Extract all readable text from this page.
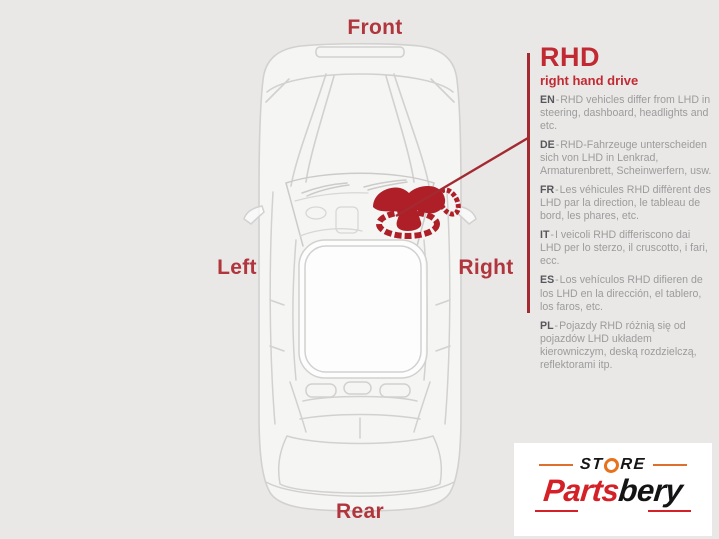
Front
Left	Right
Rear
RHD
right hand drive

EN-RHD vehicles differ from LHD in steering, dashboard, headlights and etc.

DE-RHD-Fahrzeuge unterscheiden sich von LHD in Lenkrad, Armaturenbrett, Scheinwerfern, usw.

FR-Les véhicules RHD diffèrent des LHD par la direction, le tableau de bord, les phares, etc.

IT-I veicoli RHD differiscono dai LHD per lo sterzo, il cruscotto, i fari, ecc.

ES-Los vehículos RHD difieren de los LHD en la dirección, el tablero, los faros, etc.

PL-Pojazdy RHD różnią się od pojazdów LHD układem kierowniczym, deską rozdzielczą, reflektorami itp.

ST RE
Partsbery
